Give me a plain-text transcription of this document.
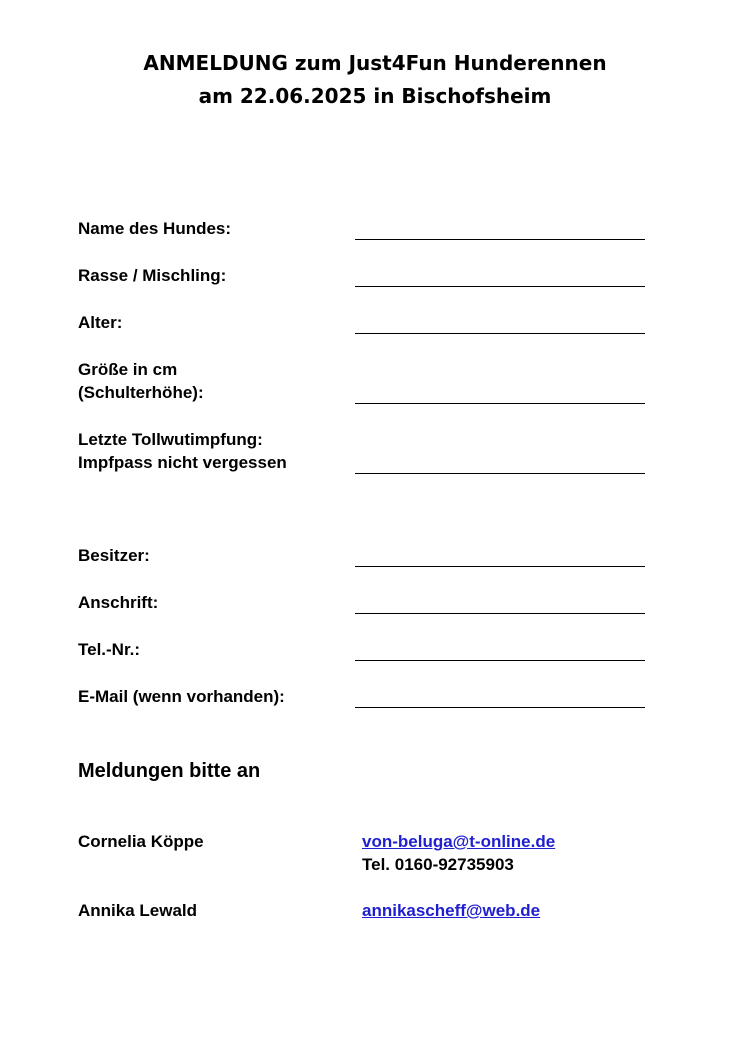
ANMELDUNG zum Just4Fun Hunderennen
am 22.06.2025 in Bischofsheim
Name des Hundes:
Rasse / Mischling:
Alter:
Größe in cm
(Schulterhöhe):
Letzte Tollwutimpfung:
Impfpass nicht vergessen
Besitzer:
Anschrift:
Tel.-Nr.:
E-Mail (wenn vorhanden):
Meldungen bitte an
Cornelia Köppe	von-beluga@t-online.de
Tel. 0160-92735903
Annika Lewald	annikascheff@web.de
